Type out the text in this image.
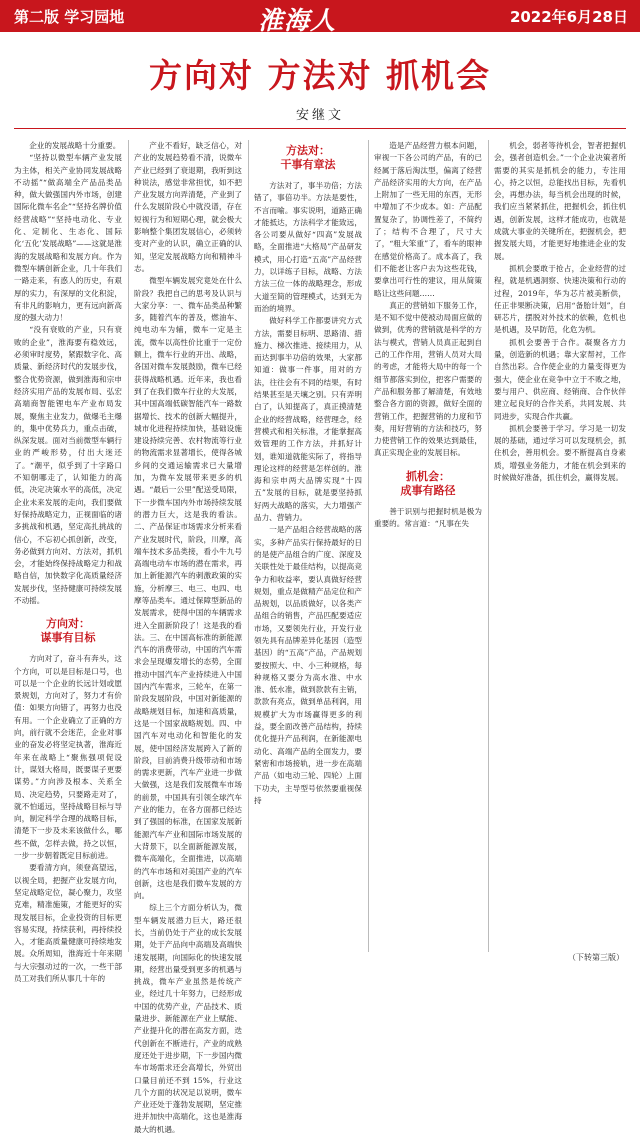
第二版 学习园地	淮海人	2022年6月28日
方向对 方法对 抓机会
安继文

企业的发展战略十分重要。

“坚持以微型车辆产业发展为主体，相关产业协同发展战略不动摇”“做高端全产品品类品种，做大做强国内外市场，创建国际化微车名企”“坚持名牌价值经营战略”“坚持电动化、专业化、定制化、生态化、国际化‘五化’发展战略”——这就是淮海的发展战略和发展方向。作为微型车辆创新企业，几十年我们一路走来，有惑人的历史，有艰厚的实力，有深厚的文化积淀，有非凡的影响力，更有远向新高度的强大动力！

“没有衰败的产业，只有衰败的企业”，淮海要有稳效远，必须审时度势，紧跟数字化、高质量、新经济时代的发展步伐，整合优势资源，做到淮海和宗申经济实用产品的发展布局、弘宏高端商智能锂电车产业布局发展，聚焦主业发力，做爆毛主爆的，集中优势兵力，重点击破，纵深发展。面对当前微型车辆行业的严峻形势，付出大迷还了。“潮平，似乎到了十字路口不知朝哪走了，认知能力的高低，决定决策水平的高低，决定企业未来发展的走向，我们要做好保持战略定力，正视面临的诸多挑战和机遇，坚定高扎挑战的信心，不忘初心抓创新，改变，务必做到方向对、方法对，抓机会，才能始终保持战略定力和战略自信，加快数字化高质量经济发展步伐，坚持健康可持续发展不动摇。

方向对：
谋事有目标

方向对了，奋斗有奔头，这个方向，可以是目标是口号，也可以是一个企业的长远计划或愿景规划，方向对了，努力才有价值：如果方向错了，再努力也没有用。一个企业确立了正确的方向，前行就不会迷茫，企业对事业的奋发必将坚定执著，淮海近年来在战略上“聚焦强项促设计，谋划大格局，既要谋子更要谋势。”方向涉及根本、关系全局、决定趋势，只要路走对了，就不怕遥远，坚持战略目标与导向，制定科学合理的战略目标，清楚下一步及未来该做什么，哪些不做，怎样去做，持之以恒，一步一步朝着既定目标前进。

要看清方向，须登高望远，以视全局，把握产业发展方向，坚定战略定位，凝心聚力，攻坚克难，精准施策，才能更好的实现发展目标，企业投资的目标更容易实现，持续获利，再持续投入，才能高质量健康可持续地发展。众所周知，淮海近十年来期与大宗强动过的一次，一些干部员工对我们所从事几十年的

产业不看好，缺乏信心，对产业的发展趋势看不清，说微车产业已经到了衰退期，我听到这种说法，感觉非常担忧，如不把产业发展方向弄清楚，产业到了什么发展阶段心中就没谱，存在短视行为和短期心理，就会极大影响整个集团发展信心，必须转变对产业的认识，确立正确的认知，坚定发展战略方向和精神斗志。

微型车辆发展究竟处在什么阶段？我把自己的思考及认识与大家分享：一、微车品类品种繁多，随着汽车的普及，燃油车、纯电动车为辅，微车一定是主流，微车以高性价比重于一定份额上，微车行业的开出、战略，各国对微车发展鼓励，微车已经获得战略机遇。近年来，我也看到了在我们微车行业的大发展，其中国高端低碳智能汽车一路数据增长、技术的创新大幅提升，城市化进程持续加快，基础设施建设持续完善、农村物流等行业的物流需求显著增长，使得各城乡间的交通运输需求已大量增加，为微车发展带来更多的机遇。“最后一公里”配送受局限，下一步微车国内外市场持续发展的潜力巨大，这是我的看法。二、产品保证市场需求分析来看产业发展时代，阶段，川摩，高端车技术多品类接，看小牛九号高端电动车市场的潜在需求，再加上新能源汽车的刺激政策的实施，分析摩三、电三、电四、电摩等品类车。通过保障型新品的发展需求，使得中国的车辆需求进入全面新阶段了！这是我的看法。三、在中国高标准的新能源汽车的消费带动，中国的汽车需求会呈现爆发增长的态势，全面推动中国汽车产业持续进入中国国内汽车需求，三轮车，在第一阶段发展阶段，中国对新能源的战略规划目标，加速和高质量，这是一个国家战略规划。四、中国汽车对电动化和智能化的发展，使中国经济发展跨入了新的阶段，目前消费升级带动和市场的需求更新，汽车产业进一步做大做强，这是我们发展微车市场的前景，中国具有引领全球汽车产业的能力，在各方面都已经达到了强国的标准，在国家发展新能源汽车产业和国际市场发展的大背景下，以全面新能源发展，微车高端化，全面推进，以高端的汽车市场和对美国产业的汽车创新，这也是我们微车发展的方向。

综上三个方面分析认为，微型车辆发展潜力巨大，路还很长，当前仍处于产业的成长发展期，处于产品向中高端及高端快速发展期，向国际化的快速发展期，经营出量受到更多的机遇与挑战，微车产业虽然是传统产业，经过几十年努力，已经形成中国的优势产业，产品技术、质量进步、新能源在产业上赋能、产业提升化的潜在高发方面，迭代创新在不断进行，产业的成熟度还处于进步期，下一步国内微车市场需求还会高增长，外贸出口量目前还不到 15%，行业这几个方面的状况足以说明，微车产业还处于蓬勃发展期，坚定推进并加快中高端化，这也是淮海最大的机遇。

方法对：
干事有章法

方法对了，事半功倍；方法错了，事倍功半。方法是要性，不言而喻。事实说明，道路正确才能抵达，方法科学才能致远，各公司要从做好“四高”发展战略，全面推进“大格局”产品研发模式，用心打造“五高”产品经营力，以详练子目标，战略、方法方法三位一体的战略理念，形成大道至简的管理模式，达到无为而治的境界。

做好科学工作都要讲究方式方法，需要目标明、思路清、措施力、梯次推进、接续用力，从而达到事半功倍的效果，大家都知道：做事一件事，用对的方法，往往会有不同的结果，有时结果甚至是天壤之别。只有弄明白了，认知提高了，真正摸清楚企业的经营战略，经营理念，经营模式和相关标准，才能掌握高效管理的工作方法，并抓好计划，谁知道就能实际了，将指导理论这样的经营是怎样创的。淮海和宗申两大品牌实现“十四五”发展的目标，就是要坚持抓好两大战略的落实，大力增强产品力、营销力。

一是产品组合经营战略的落实，多种产品实行保持最好的日的是使产品组合的广度、深度及关联性处于最佳结构，以提高竞争力和收益率，要认真做好经营规划，重点是做精产品定位和产品规划，以品质做好，以各类产品组合的销售，产品匹配要适应市场，又要领先行业，开发行业领先具有品牌差异化基因（造型基因）的“五高”产品，产品规划要按照大、中、小三种规格，每种规格又要分为高水准、中水准、低水准，做到款款有主销，款款有亮点，做到单品利润，用规模扩大为市场赢得更多的利益，要全面改善产品结构，持续优化提升产品利润，在新能源电动化、高端产品的全面发力，要紧密和市场接轨，进一步在高端产品（如电动三轮、四轮）上面下功夫，主导型号依然要重视保持

造是产品经营力根本问题，审视一下各公司的产品，有的已经属于落后淘汰型，偏离了经营产品经济实用的大方向，在产品上附加了一些无用的东西，无形中增加了不少成本。如：产品配置复杂了，协调性差了，不简约了；结构不合理了，尺寸大了，“粗大笨重”了，看车的眼神在感觉价格高了。成本高了，我们不能老让客户去为这些花钱，要拿出可行性的建议，用从简策略让这些问题……

真正的营销如下服务工作，是不知不觉中使被动局面应做的做到，优秀的营销就是科学的方法与模式，营销人员真正起到自己的工作作用，营销人员对大局的考虑，才能将大局中的每一个细节都落实到位，把客户需要的产品和服务都了解清楚，有效地整合各方面的资源，做好全面的营销工作，把握营销的力度和节奏，用好营销的方法和技巧，努力使营销工作的效果达到最佳，真正实现企业的发展目标。

抓机会：
成事有路径

善于识别与把握时机是极为重要的。常言道：“凡事在失

机会，弱者等待机会，智者把握机会，强者创造机会。”一个企业决策者所需要的其实是抓机会的能力，专注用心，持之以恒，总能找出目标，先看机会，再想办法，每当机会出现的时候，我们应当紧紧抓住，把握机会，抓住机遇，创新发展，这样才能成功，也就是成就大事业的关键所在，把握机会，把握发展大局，才能更好地推进企业的发展。

抓机会要敢于抢占，企业经营的过程，就是机遇洞察、快速决策和行动的过程，2019年，华为芯片被美断供，任正非果断决策，启用“备胎计划”，自研芯片，摆脱对外技术的依赖，危机也是机遇，及早防范，化危为机。

抓机会要善于合作。凝聚各方力量，创造新的机遇；靠大家帮衬，工作自然出彩。合作使企业的力量变得更为强大，使企业在竞争中立于不败之地，要与用户、供应商、经销商、合作伙伴建立起良好的合作关系，共同发展、共同进步，实现合作共赢。

抓机会要善于学习。学习是一切发展的基础，通过学习可以发现机会，抓住机会，善用机会。要不断提高自身素质，增强业务能力，才能在机会到来的时候做好准备，抓住机会，赢得发展。

（下转第三版）
